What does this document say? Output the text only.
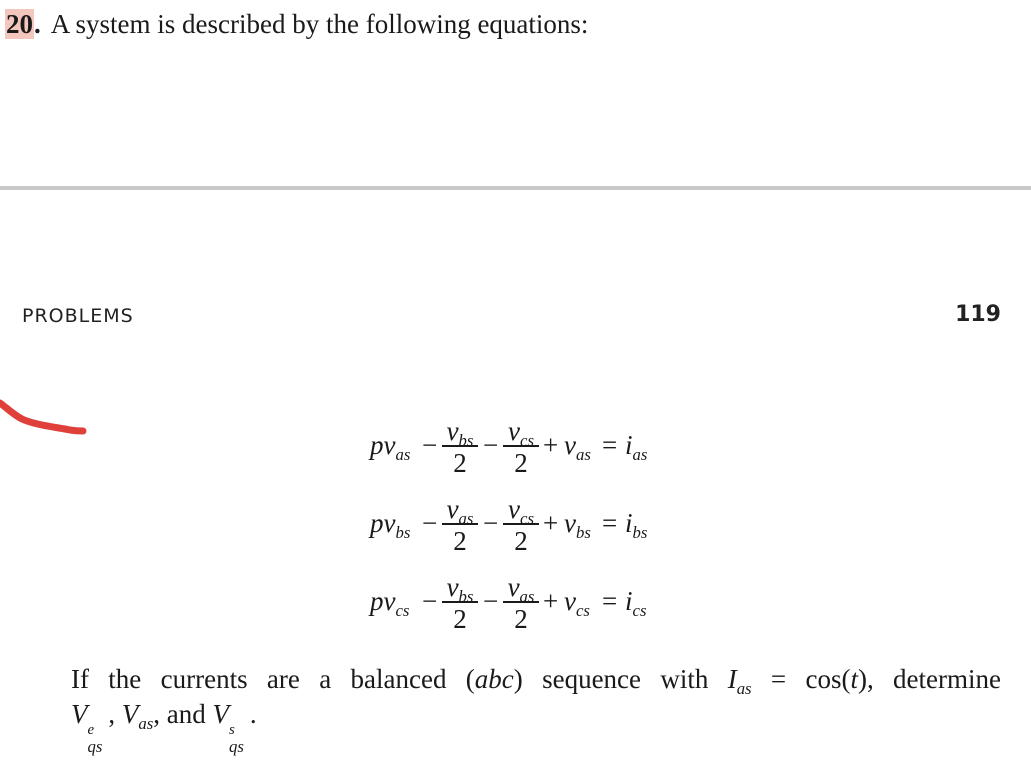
20. A system is described by the following equations:
PROBLEMS	119
$pv_{as} - v_{bs}$
2
− $v_{cs}$
2
+ $v_{as} = i_{as}$
$pv_{bs} - v_{as}$
2
− $v_{cs}$
2
+ $v_{bs} = i_{bs}$
$pv_{cs} - v_{bs}$
2
− $v_{as}$
2
+ $v_{cs} = i_{cs}$
If the currents are a balanced (abc) sequence with $I_{as} = \cos(t)$, determine
V
e
qs
, $V_{as}$, and V
s
qs
.
